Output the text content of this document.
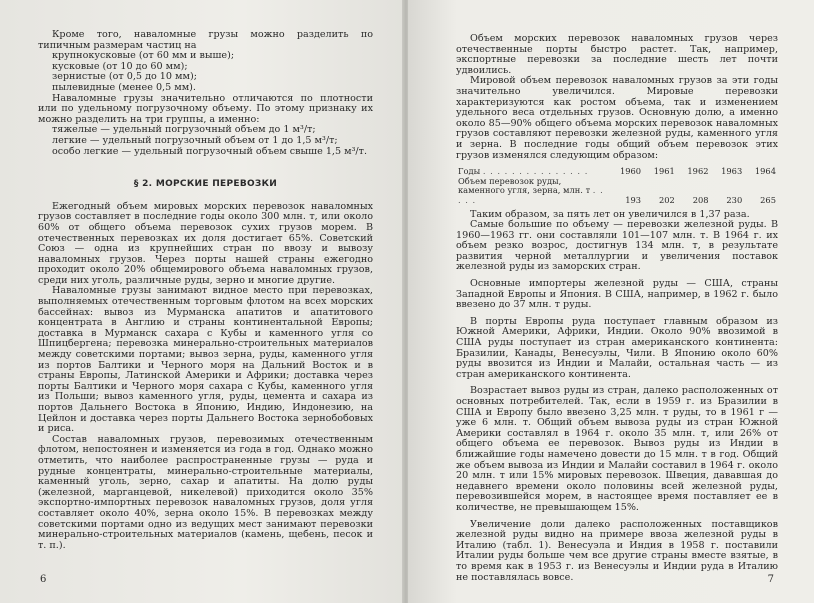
Кроме того, наваломные грузы можно разделить по типичным размерам частиц на

крупнокусковые (от 60 мм и выше);
кусковые (от 10 до 60 мм);
зернистые (от 0,5 до 10 мм);
пылевидные (менее 0,5 мм).

Наваломные грузы значительно отличаются по плотности или по удельному погрузочному объему. По этому признаку их можно разделить на три группы, а именно:

тяжелые — удельный погрузочный объем до 1 м³/т;
легкие — удельный погрузочный объем от 1 до 1,5 м³/т;
особо легкие — удельный погрузочный объем свыше 1,5 м³/т.
§ 2. МОРСКИЕ ПЕРЕВОЗКИ

Ежегодный объем мировых морских перевозок наваломных грузов составляет в последние годы около 300 млн. т, или около 60% от общего объема перевозок сухих грузов морем. В отечественных перевозках их доля достигает 65%. Советский Союз — одна из крупнейших стран по ввозу и вывозу наваломных грузов. Через порты нашей страны ежегодно проходит около 20% общемирового объема наваломных грузов, среди них уголь, различные руды, зерно и многие другие.

Наваломные грузы занимают видное место при перевозках, выполняемых отечественным торговым флотом на всех морских бассейнах: вывоз из Мурманска апатитов и апатитового концентрата в Англию и страны континентальной Европы; доставка в Мурманск сахара с Кубы и каменного угля со Шпицбергена; перевозка минерально-строительных материалов между советскими портами; вывоз зерна, руды, каменного угля из портов Балтики и Черного моря на Дальний Восток и в страны Европы, Латинской Америки и Африки; доставка через порты Балтики и Черного моря сахара с Кубы, каменного угля из Польши; вывоз каменного угля, руды, цемента и сахара из портов Дальнего Востока в Японию, Индию, Индонезию, на Цейлон и доставка через порты Дальнего Востока зернобобовых и риса.

Состав наваломных грузов, перевозимых отечественным флотом, непостоянен и изменяется из года в год. Однако можно отметить, что наиболее распространенные грузы — руда и рудные концентраты, минерально-строительные материалы, каменный уголь, зерно, сахар и апатиты. На долю руды (железной, марганцевой, никелевой) приходится около 35% экспортно-импортных перевозок наваломных грузов, доля угля составляет около 40%, зерна около 15%. В перевозках между советскими портами одно из ведущих мест занимают перевозки минерально-строительных материалов (камень, щебень, песок и т. п.).

6

Объем морских перевозок наваломных грузов через отечественные порты быстро растет. Так, например, экспортные перевозки за последние шесть лет почти удвоились.

Мировой объем перевозок наваломных грузов за эти годы значительно увеличился. Мировые перевозки характеризуются как ростом объема, так и изменением удельного веса отдельных грузов. Основную долю, а именно около 85—90% общего объема морских перевозок наваломных грузов составляют перевозки железной руды, каменного угля и зерна. В последние годы общий объем перевозок этих грузов изменялся следующим образом:

Годы . . . . . . . . . . . . . . .	1960	1961	1962	1963	1964
Объем перевозок руды, каменного угля, зерна, млн. т . . . . .	193	202	208	230	265

Таким образом, за пять лет он увеличился в 1,37 раза.

Самые большие по объему — перевозки железной руды. В 1960—1963 гг. они составляли 101—107 млн. т. В 1964 г. их объем резко возрос, достигнув 134 млн. т, в результате развития черной металлургии и увеличения поставок железной руды из заморских стран.

Основные импортеры железной руды — США, страны Западной Европы и Япония. В США, например, в 1962 г. было ввезено до 37 млн. т руды.

В порты Европы руда поступает главным образом из Южной Америки, Африки, Индии. Около 90% ввозимой в США руды поступает из стран американского континента: Бразилии, Канады, Венесуэлы, Чили. В Японию около 60% руды ввозится из Индии и Малайи, остальная часть — из стран американского континента.

Возрастает вывоз руды из стран, далеко расположенных от основных потребителей. Так, если в 1959 г. из Бразилии в США и Европу было ввезено 3,25 млн. т руды, то в 1961 г — уже 6 млн. т. Общий объем вывоза руды из стран Южной Америки составлял в 1964 г. около 35 млн. т, или 26% от общего объема ее перевозок. Вывоз руды из Индии в ближайшие годы намечено довести до 15 млн. т в год. Общий же объем вывоза из Индии и Малайи составил в 1964 г. около 20 млн. т или 15% мировых перевозок. Швеция, дававшая до недавнего времени около половины всей железной руды, перевозившейся морем, в настоящее время поставляет ее в количестве, не превышающем 15%.

Увеличение доли далеко расположенных поставщиков железной руды видно на примере ввоза железной руды в Италию (табл. 1). Венесуэла и Индия в 1958 г. поставили Италии руды больше чем все другие страны вместе взятые, в то время как в 1953 г. из Венесуэлы и Индии руда в Италию не поставлялась вовсе.	7
